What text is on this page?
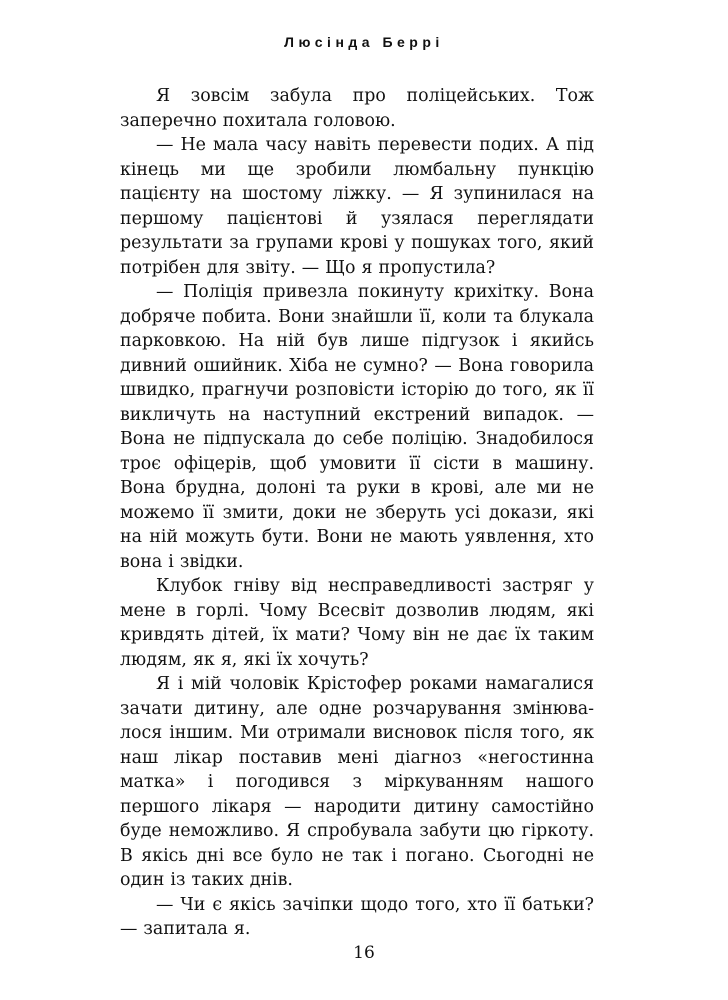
Люсінда Беррі

Я зовсім забула про поліцейських. Тож заперечно похитала головою.

— Не мала часу навіть перевести подих. А під кінець ми ще зробили люмбальну пункцію пацієнту на шостому ліжку. — Я зупинилася на першому пацієнтові й узялася переглядати результати за групами крові у пошуках того, який потрібен для звіту. — Що я пропустила?

— Поліція привезла покинуту крихітку. Вона добряче побита. Вони знайшли її, коли та блукала парковкою. На ній був лише підгузок і якийсь дивний ошийник. Хіба не сумно? — Вона говорила швидко, прагнучи розповісти історію до того, як її викличуть на наступний екстрений випадок. — Вона не підпускала до себе поліцію. Знадобилося троє офіцерів, щоб умовити її сісти в машину. Вона брудна, долоні та руки в крові, але ми не можемо її змити, доки не зберуть усі докази, які на ній можуть бути. Вони не мають уявлення, хто вона і звідки.

Клубок гніву від несправедливості застряг у мене в горлі. Чому Всесвіт дозволив людям, які кривдять дітей, їх мати? Чому він не дає їх таким людям, як я, які їх хочуть?

Я і мій чоловік Крістофер роками намагалися зачати дитину, але одне розчарування змінювалося іншим. Ми отримали висновок після того, як наш лікар поставив мені діагноз «негостинна матка» і погодився з міркуванням нашого першого лікаря — народити дитину самостійно буде неможливо. Я спробувала забути цю гіркоту. В якісь дні все було не так і погано. Сьогодні не один із таких днів.

— Чи є якісь зачіпки щодо того, хто її батьки? — запитала я.

16
